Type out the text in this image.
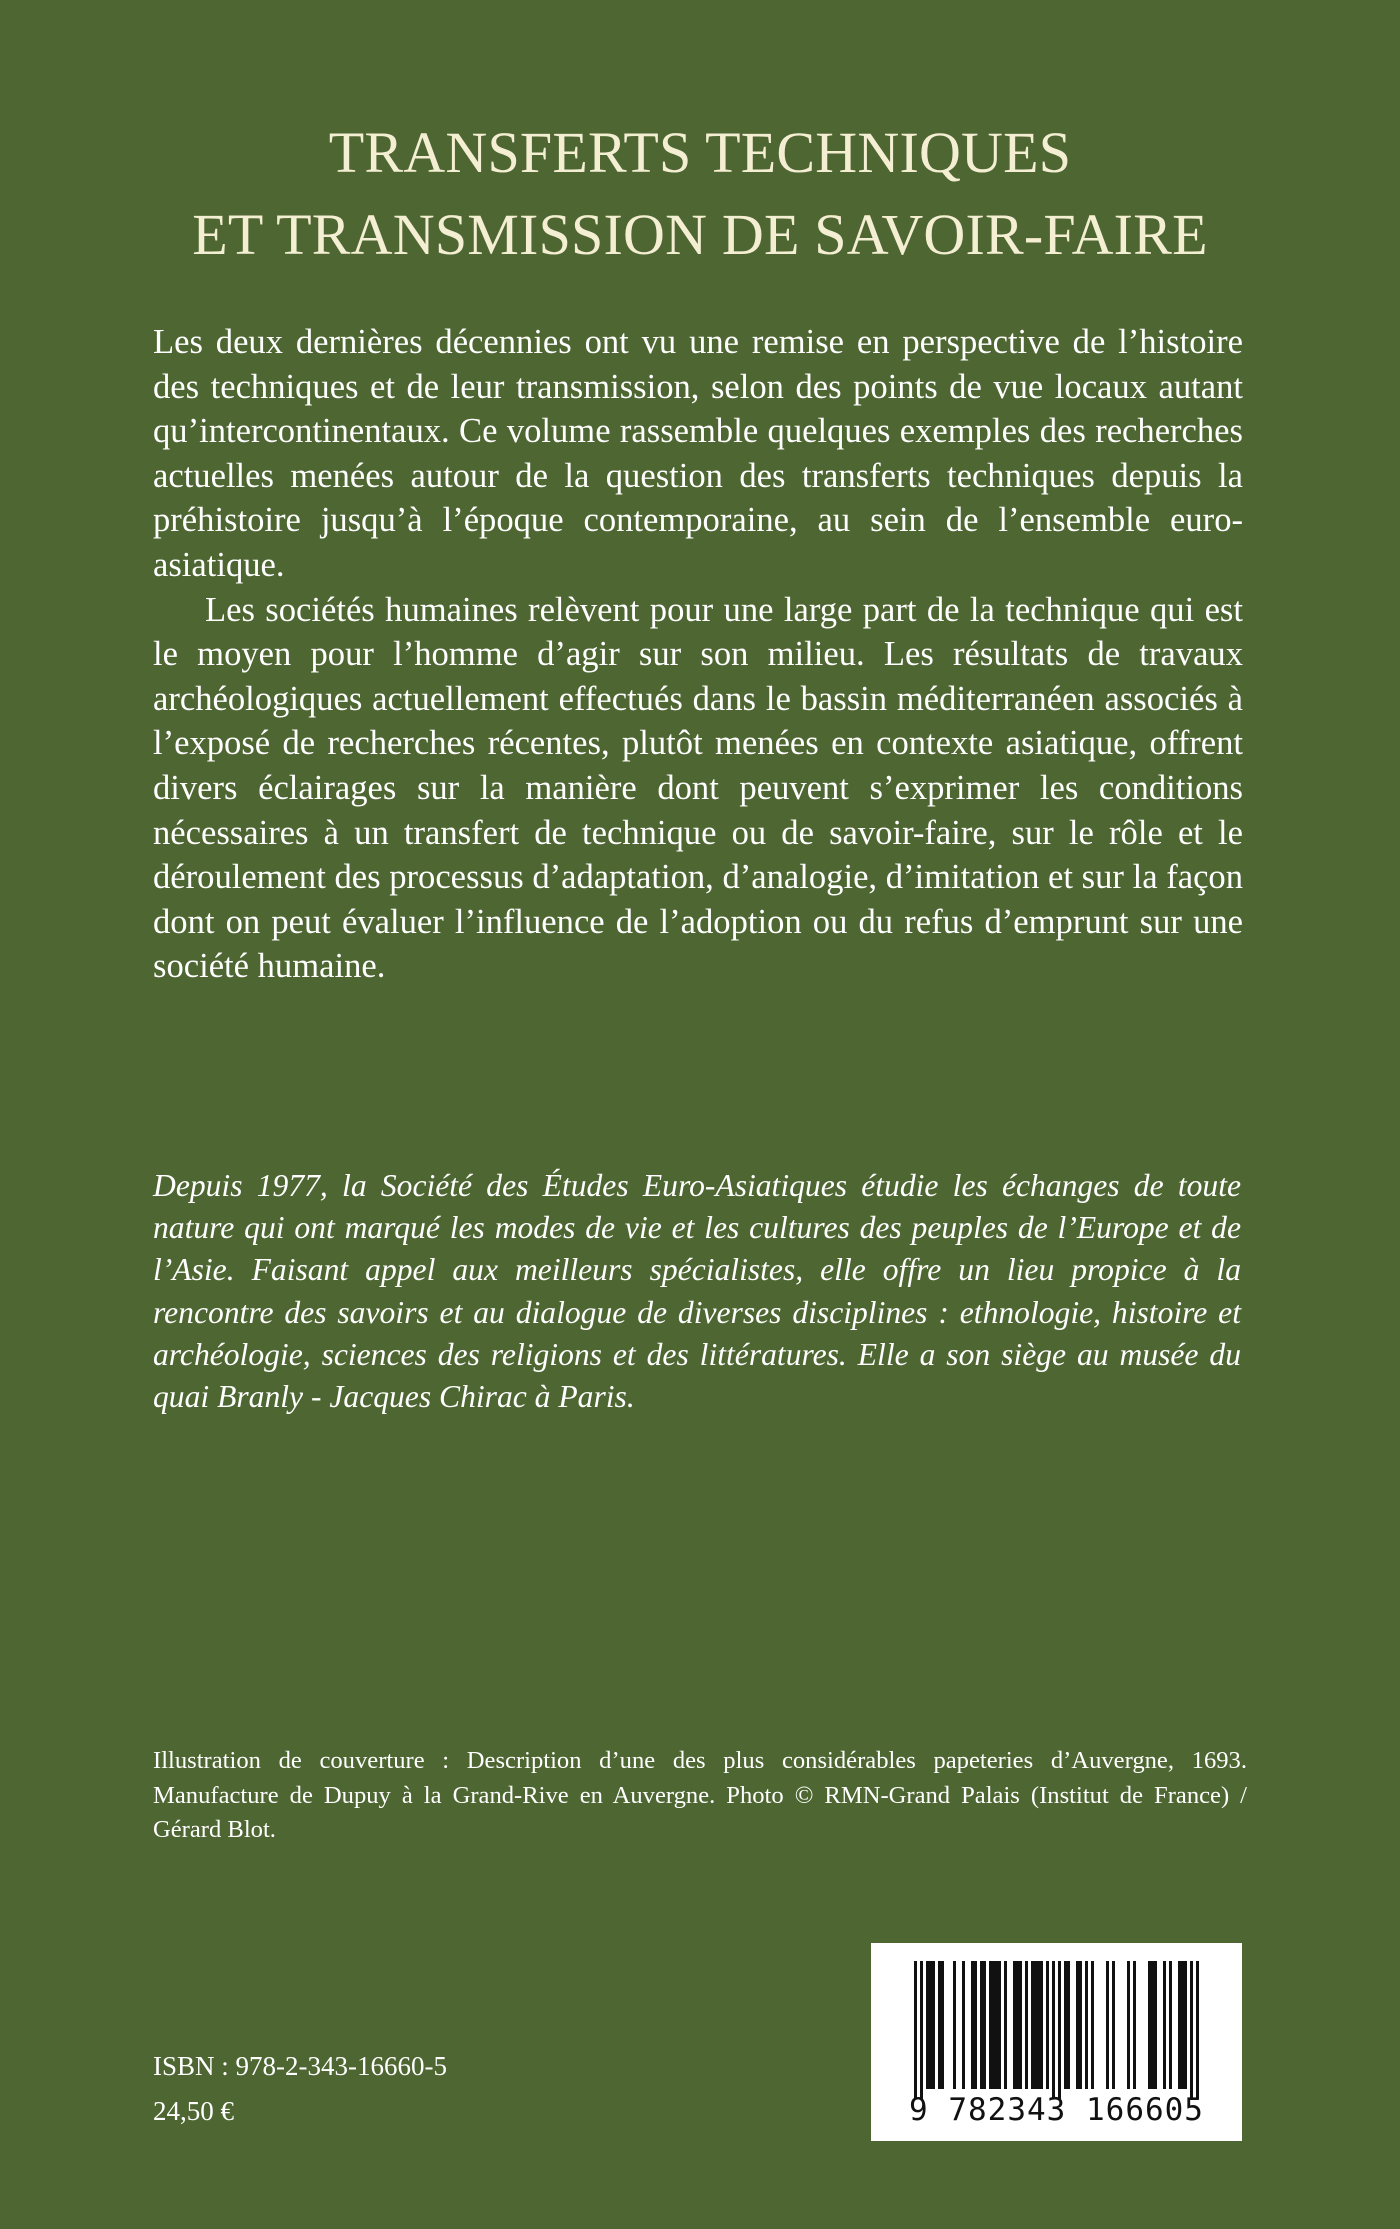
TRANSFERTS TECHNIQUES
ET TRANSMISSION DE SAVOIR-FAIRE

Les deux dernières décennies ont vu une remise en perspective de l’histoire des techniques et de leur transmission, selon des points de vue locaux autant qu’intercontinentaux. Ce volume rassemble quelques exemples des recherches actuelles menées autour de la question des transferts techniques depuis la préhistoire jusqu’à l’époque contemporaine, au sein de l’ensemble euro-asiatique.

Les sociétés humaines relèvent pour une large part de la technique qui est le moyen pour l’homme d’agir sur son milieu. Les résultats de travaux archéologiques actuellement effectués dans le bassin méditerranéen associés à l’exposé de recherches récentes, plutôt menées en contexte asiatique, offrent divers éclairages sur la manière dont peuvent s’exprimer les conditions nécessaires à un transfert de technique ou de savoir-faire, sur le rôle et le déroulement des processus d’adaptation, d’analogie, d’imitation et sur la façon dont on peut évaluer l’influence de l’adoption ou du refus d’emprunt sur une société humaine.

Depuis 1977, la Société des Études Euro-Asiatiques étudie les échanges de toute nature qui ont marqué les modes de vie et les cultures des peuples de l’Europe et de l’Asie. Faisant appel aux meilleurs spécialistes, elle offre un lieu propice à la rencontre des savoirs et au dialogue de diverses disciplines : ethnologie, histoire et archéologie, sciences des religions et des littératures. Elle a son siège au musée du quai Branly - Jacques Chirac à Paris.
Illustration de couverture : Description d’une des plus considérables papeteries d’Auvergne, 1693. Manufacture de Dupuy à la Grand-Rive en Auvergne. Photo © RMN-Grand Palais (Institut de France) / Gérard Blot.
ISBN : 978-2-343-16660-5
24,50 €	9 782343 166605
